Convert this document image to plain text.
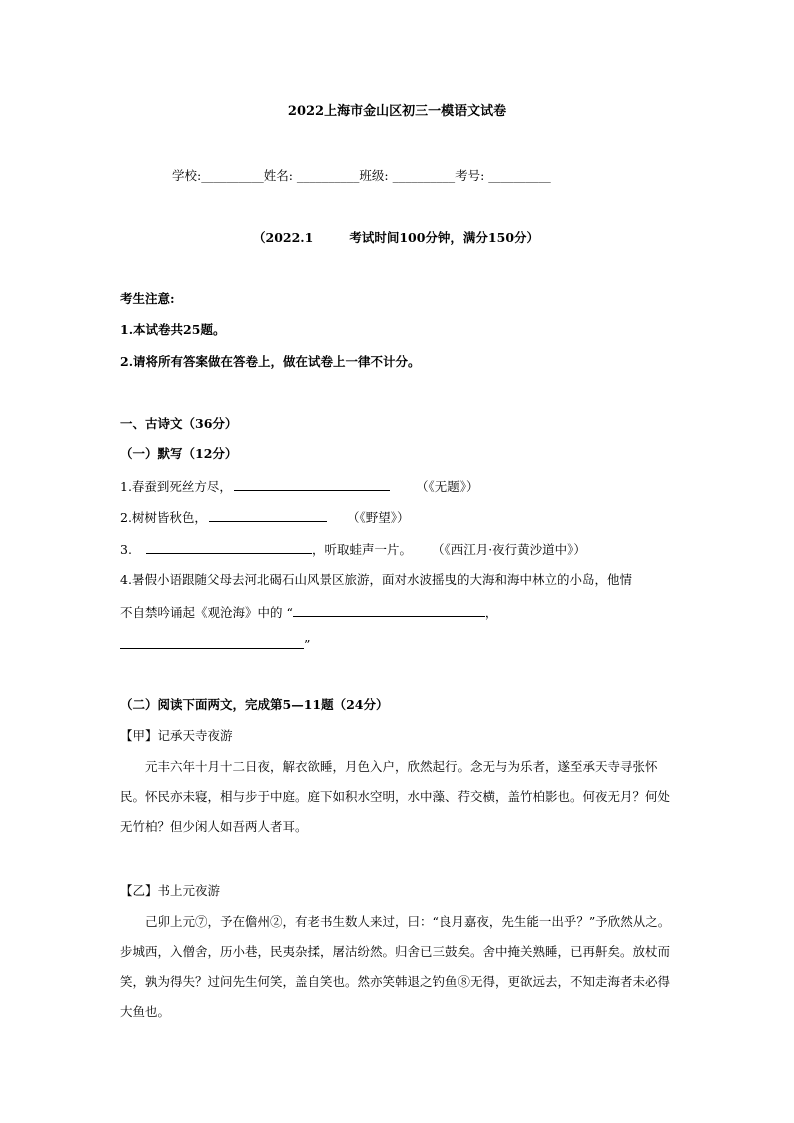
2022上海市金山区初三一模语文试卷
学校:__________姓名: __________班级: __________考号: __________
（2022.1	考试时间100分钟，满分150分）
考生注意:
1.本试卷共25题。
2.请将所有答案做在答卷上，做在试卷上一律不计分。
一、古诗文（36分）
（一）默写（12分）
1.春蚕到死丝方尽，	（《无题》）
2.树树皆秋色，	（《野望》）
3.	，听取蛙声一片。 （《西江月·夜行黄沙道中》）
4.暑假小语跟随父母去河北碣石山风景区旅游，面对水波摇曳的大海和海中林立的小岛，他情
不自禁吟诵起《观沧海》中的 “	，
”
（二）阅读下面两文，完成第5—11题（24分）
【甲】记承天寺夜游
元丰六年十月十二日夜，解衣欲睡，月色入户，欣然起行。念无与为乐者，遂至承天寺寻张怀民。怀民亦未寝，相与步于中庭。庭下如积水空明，水中藻、荇交横，盖竹柏影也。何夜无月？何处无竹柏？但少闲人如吾两人者耳。
【乙】书上元夜游
己卯上元⑦，予在儋州②，有老书生数人来过，曰：“良月嘉夜，先生能一出乎？”予欣然从之。步城西，入僧舍，历小巷，民夷杂揉，屠沽纷然。归舍已三鼓矣。舍中掩关熟睡，已再鼾矣。放杖而笑，孰为得失？过问先生何笑，盖自笑也。然亦笑韩退之钓鱼⑧无得，更欲远去，不知走海者未必得大鱼也。
